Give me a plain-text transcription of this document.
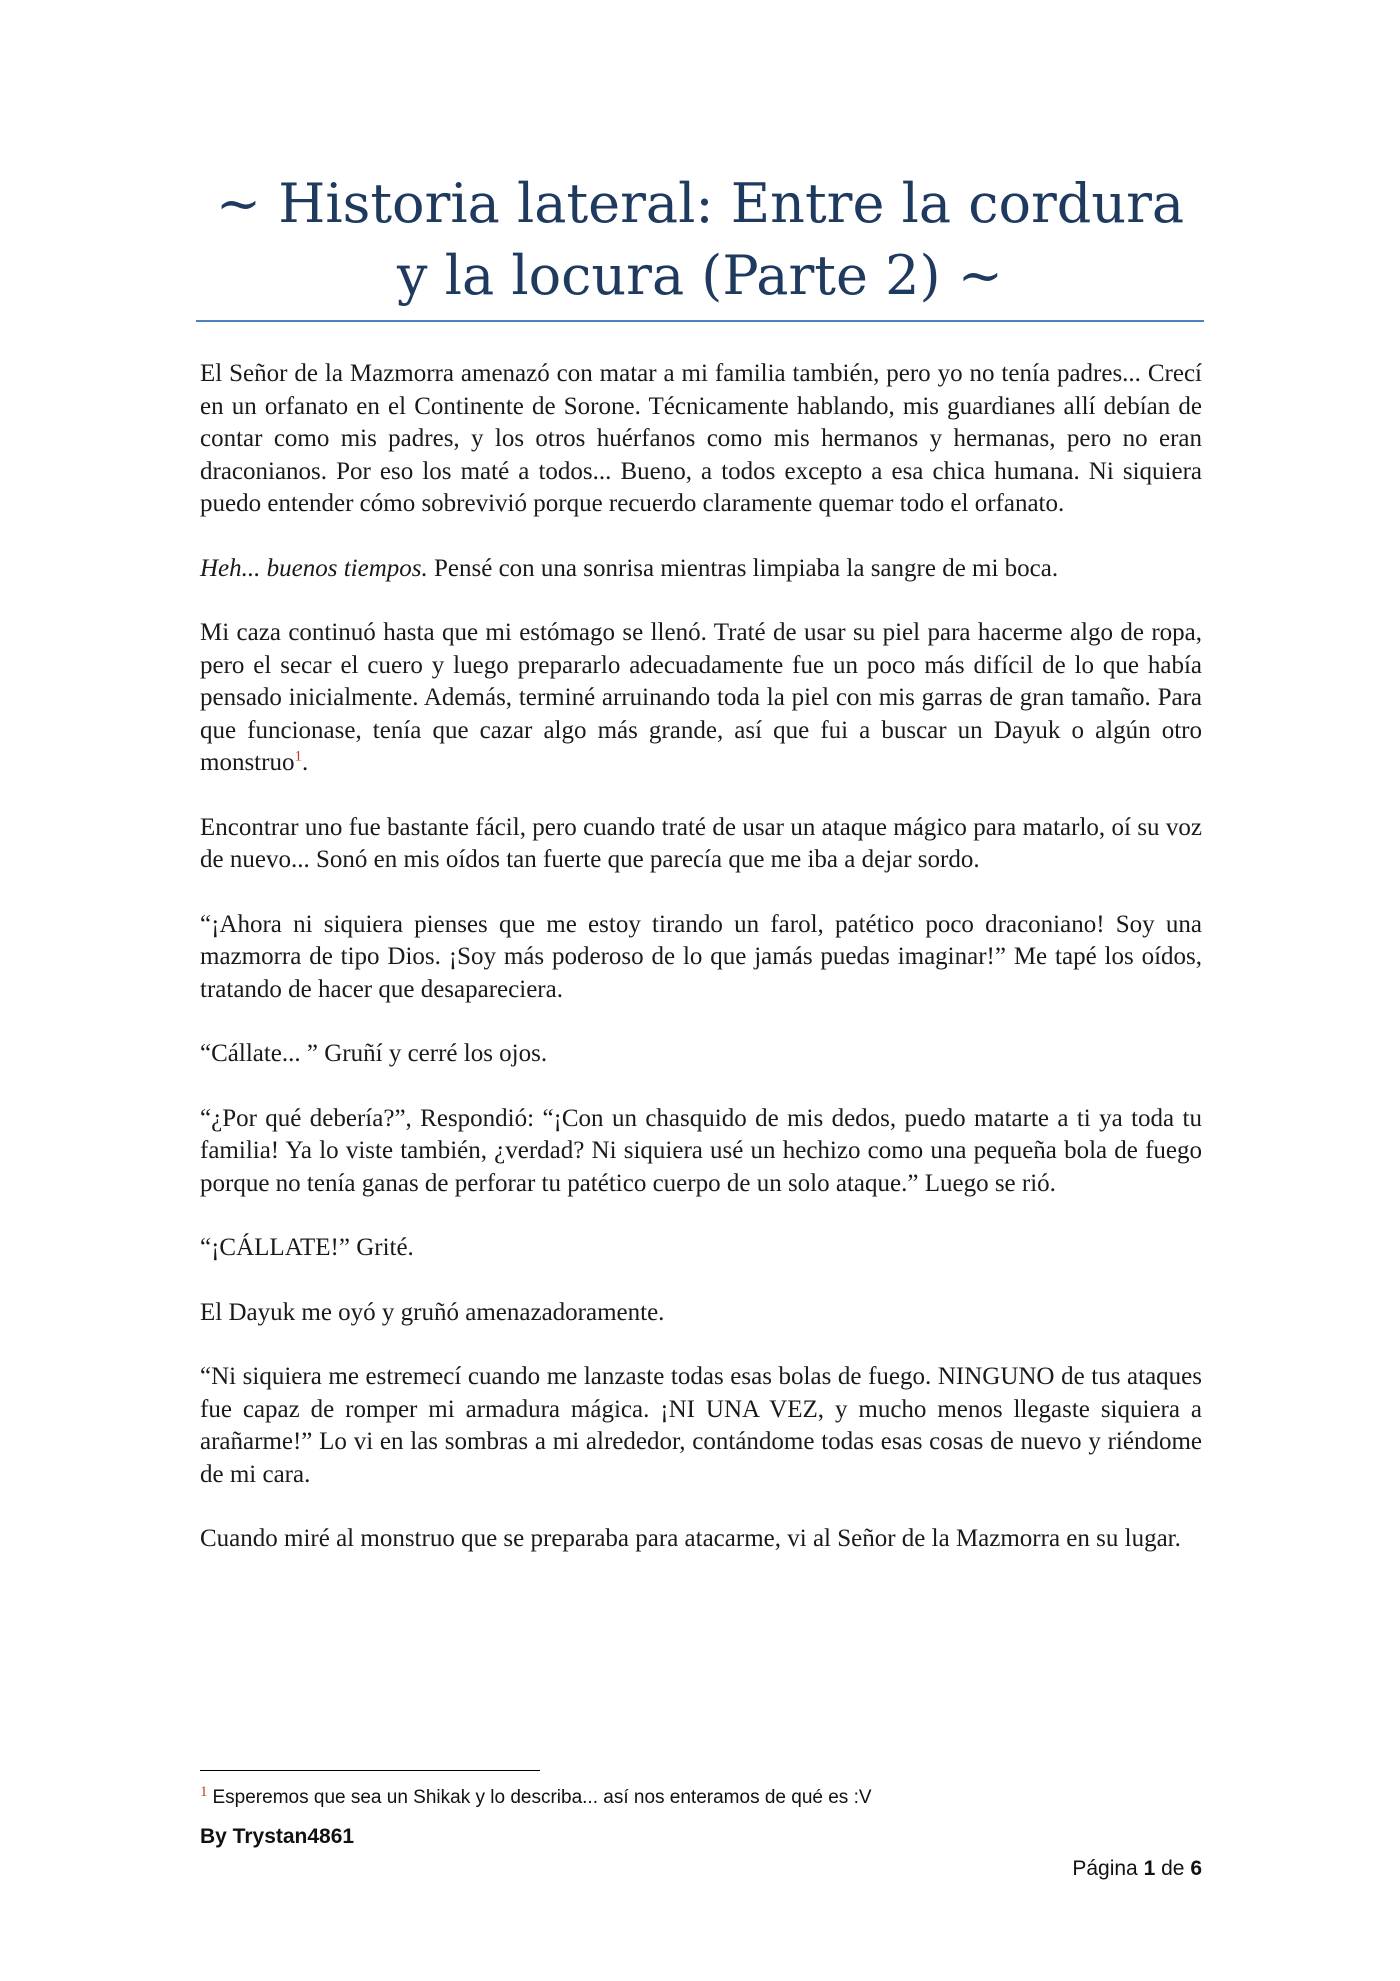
~ Historia lateral: Entre la cordura y la locura (Parte 2) ~

El Señor de la Mazmorra amenazó con matar a mi familia también, pero yo no tenía padres... Crecí en un orfanato en el Continente de Sorone. Técnicamente hablando, mis guardianes allí debían de contar como mis padres, y los otros huérfanos como mis hermanos y hermanas, pero no eran draconianos. Por eso los maté a todos... Bueno, a todos excepto a esa chica humana. Ni siquiera puedo entender cómo sobrevivió porque recuerdo claramente quemar todo el orfanato.

Heh... buenos tiempos. Pensé con una sonrisa mientras limpiaba la sangre de mi boca.

Mi caza continuó hasta que mi estómago se llenó. Traté de usar su piel para hacerme algo de ropa, pero el secar el cuero y luego prepararlo adecuadamente fue un poco más difícil de lo que había pensado inicialmente. Además, terminé arruinando toda la piel con mis garras de gran tamaño. Para que funcionase, tenía que cazar algo más grande, así que fui a buscar un Dayuk o algún otro monstruo$^1$.

Encontrar uno fue bastante fácil, pero cuando traté de usar un ataque mágico para matarlo, oí su voz de nuevo... Sonó en mis oídos tan fuerte que parecía que me iba a dejar sordo.

“¡Ahora ni siquiera pienses que me estoy tirando un farol, patético poco draconiano! Soy una mazmorra de tipo Dios. ¡Soy más poderoso de lo que jamás puedas imaginar!” Me tapé los oídos, tratando de hacer que desapareciera.

“Cállate... ” Gruñí y cerré los ojos.

“¿Por qué debería?”, Respondió: “¡Con un chasquido de mis dedos, puedo matarte a ti ya toda tu familia! Ya lo viste también, ¿verdad? Ni siquiera usé un hechizo como una pequeña bola de fuego porque no tenía ganas de perforar tu patético cuerpo de un solo ataque.” Luego se rió.

“¡CÁLLATE!” Grité.

El Dayuk me oyó y gruñó amenazadoramente.

“Ni siquiera me estremecí cuando me lanzaste todas esas bolas de fuego. NINGUNO de tus ataques fue capaz de romper mi armadura mágica. ¡NI UNA VEZ, y mucho menos llegaste siquiera a arañarme!” Lo vi en las sombras a mi alrededor, contándome todas esas cosas de nuevo y riéndome de mi cara.

Cuando miré al monstruo que se preparaba para atacarme, vi al Señor de la Mazmorra en su lugar.

$^1$ Esperemos que sea un Shikak y lo describa... así nos enteramos de qué es :V
By Trystan4861
Página 1 de 6
